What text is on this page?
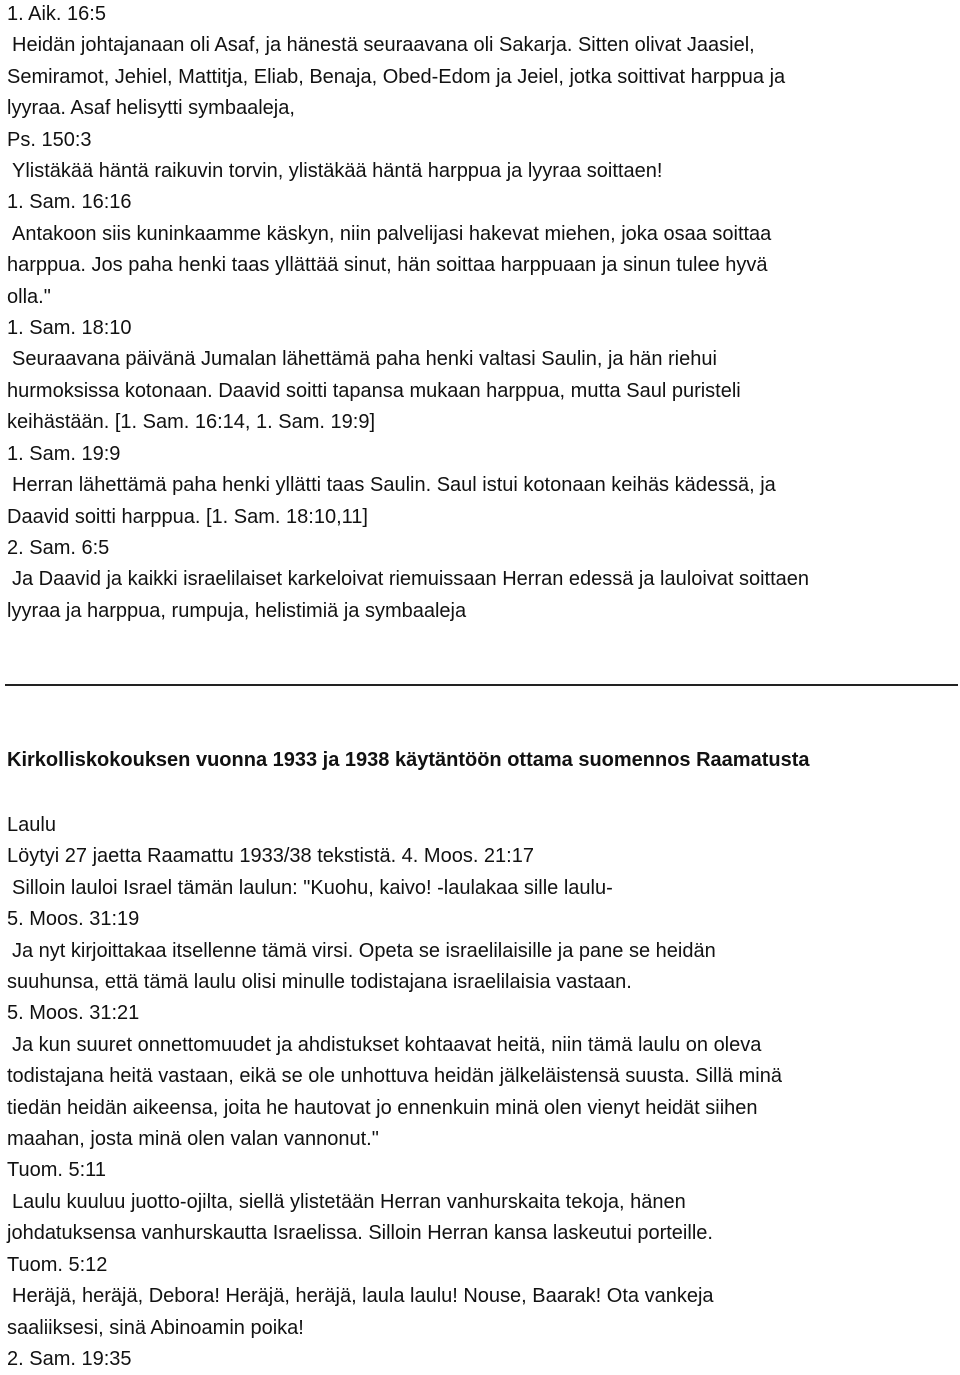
1. Aik. 16:5

Heidän johtajanaan oli Asaf, ja hänestä seuraavana oli Sakarja. Sitten olivat Jaasiel,

Semiramot, Jehiel, Mattitja, Eliab, Benaja, Obed-Edom ja Jeiel, jotka soittivat harppua ja

lyyraa. Asaf helisytti symbaaleja,

Ps. 150:3

Ylistäkää häntä raikuvin torvin, ylistäkää häntä harppua ja lyyraa soittaen!

1. Sam. 16:16

Antakoon siis kuninkaamme käskyn, niin palvelijasi hakevat miehen, joka osaa soittaa

harppua. Jos paha henki taas yllättää sinut, hän soittaa harppuaan ja sinun tulee hyvä

olla."

1. Sam. 18:10

Seuraavana päivänä Jumalan lähettämä paha henki valtasi Saulin, ja hän riehui

hurmoksissa kotonaan. Daavid soitti tapansa mukaan harppua, mutta Saul puristeli

keihästään. [1. Sam. 16:14, 1. Sam. 19:9]

1. Sam. 19:9

Herran lähettämä paha henki yllätti taas Saulin. Saul istui kotonaan keihäs kädessä, ja

Daavid soitti harppua. [1. Sam. 18:10,11]

2. Sam. 6:5

Ja Daavid ja kaikki israelilaiset karkeloivat riemuissaan Herran edessä ja lauloivat soittaen

lyyraa ja harppua, rumpuja, helistimiä ja symbaaleja

Kirkolliskokouksen vuonna 1933 ja 1938 käytäntöön ottama suomennos Raamatusta

Laulu

Löytyi 27 jaetta Raamattu 1933/38 tekstistä. 4. Moos. 21:17

Silloin lauloi Israel tämän laulun: "Kuohu, kaivo! -laulakaa sille laulu-

5. Moos. 31:19

Ja nyt kirjoittakaa itsellenne tämä virsi. Opeta se israelilaisille ja pane se heidän

suuhunsa, että tämä laulu olisi minulle todistajana israelilaisia vastaan.

5. Moos. 31:21

Ja kun suuret onnettomuudet ja ahdistukset kohtaavat heitä, niin tämä laulu on oleva

todistajana heitä vastaan, eikä se ole unhottuva heidän jälkeläistensä suusta. Sillä minä

tiedän heidän aikeensa, joita he hautovat jo ennenkuin minä olen vienyt heidät siihen

maahan, josta minä olen valan vannonut."

Tuom. 5:11

Laulu kuuluu juotto-ojilta, siellä ylistetään Herran vanhurskaita tekoja, hänen

johdatuksensa vanhurskautta Israelissa. Silloin Herran kansa laskeutui porteille.

Tuom. 5:12

Heräjä, heräjä, Debora! Heräjä, heräjä, laula laulu! Nouse, Baarak! Ota vankeja

saaliiksesi, sinä Abinoamin poika!

2. Sam. 19:35
